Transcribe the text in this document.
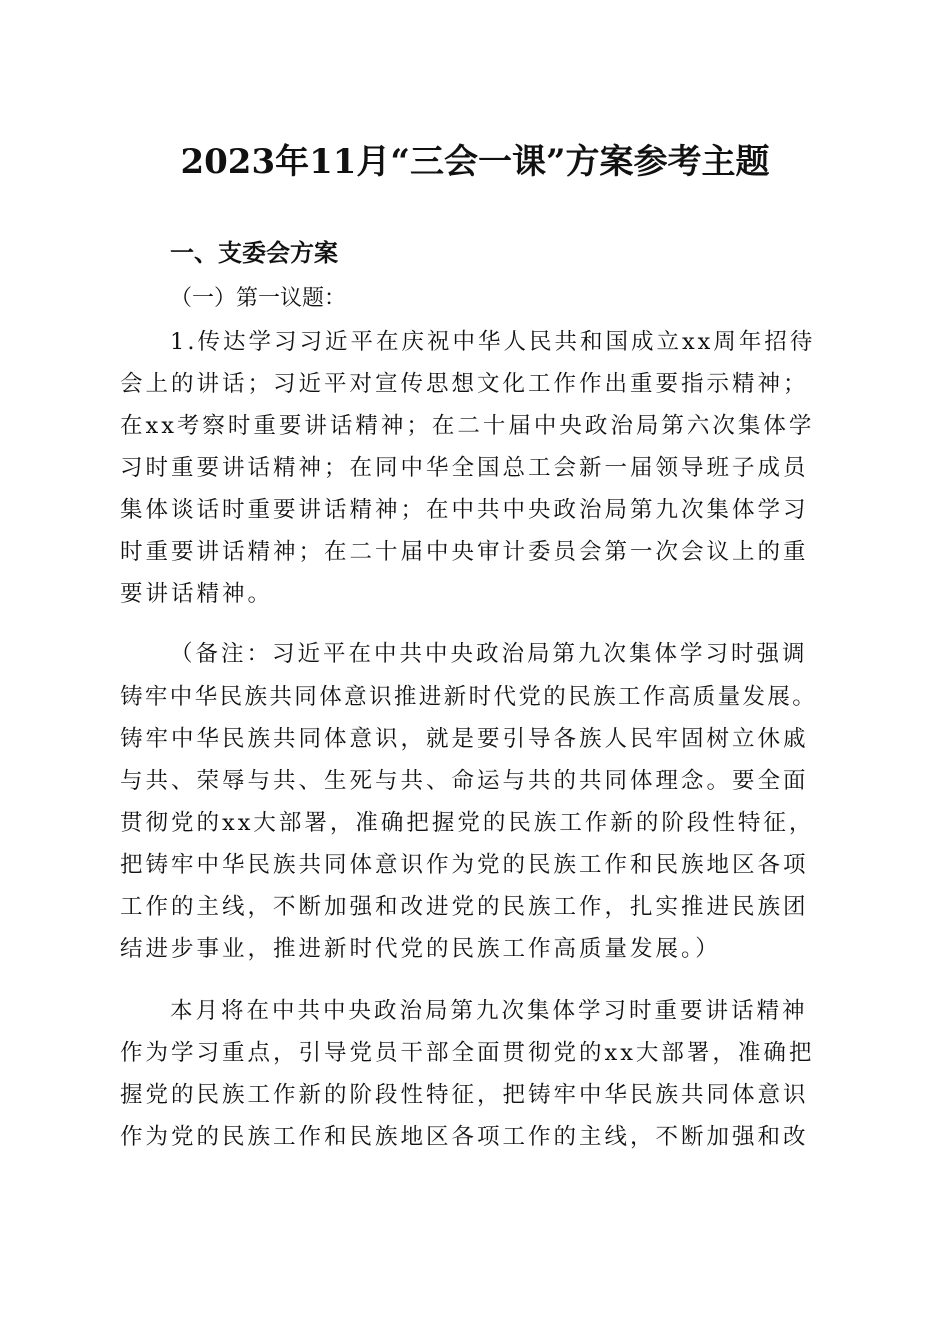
2023年11月“三会一课”方案参考主题
一、支委会方案
（一）第一议题：
1.传达学习习近平在庆祝中华人民共和国成立xx周年招待
会上的讲话；习近平对宣传思想文化工作作出重要指示精神；
在xx考察时重要讲话精神；在二十届中央政治局第六次集体学
习时重要讲话精神；在同中华全国总工会新一届领导班子成员
集体谈话时重要讲话精神；在中共中央政治局第九次集体学习
时重要讲话精神；在二十届中央审计委员会第一次会议上的重
要讲话精神。
（备注：习近平在中共中央政治局第九次集体学习时强调
铸牢中华民族共同体意识推进新时代党的民族工作高质量发展。
铸牢中华民族共同体意识，就是要引导各族人民牢固树立休戚
与共、荣辱与共、生死与共、命运与共的共同体理念。要全面
贯彻党的xx大部署，准确把握党的民族工作新的阶段性特征，
把铸牢中华民族共同体意识作为党的民族工作和民族地区各项
工作的主线，不断加强和改进党的民族工作，扎实推进民族团
结进步事业，推进新时代党的民族工作高质量发展。）
本月将在中共中央政治局第九次集体学习时重要讲话精神
作为学习重点，引导党员干部全面贯彻党的xx大部署，准确把
握党的民族工作新的阶段性特征，把铸牢中华民族共同体意识
作为党的民族工作和民族地区各项工作的主线，不断加强和改
